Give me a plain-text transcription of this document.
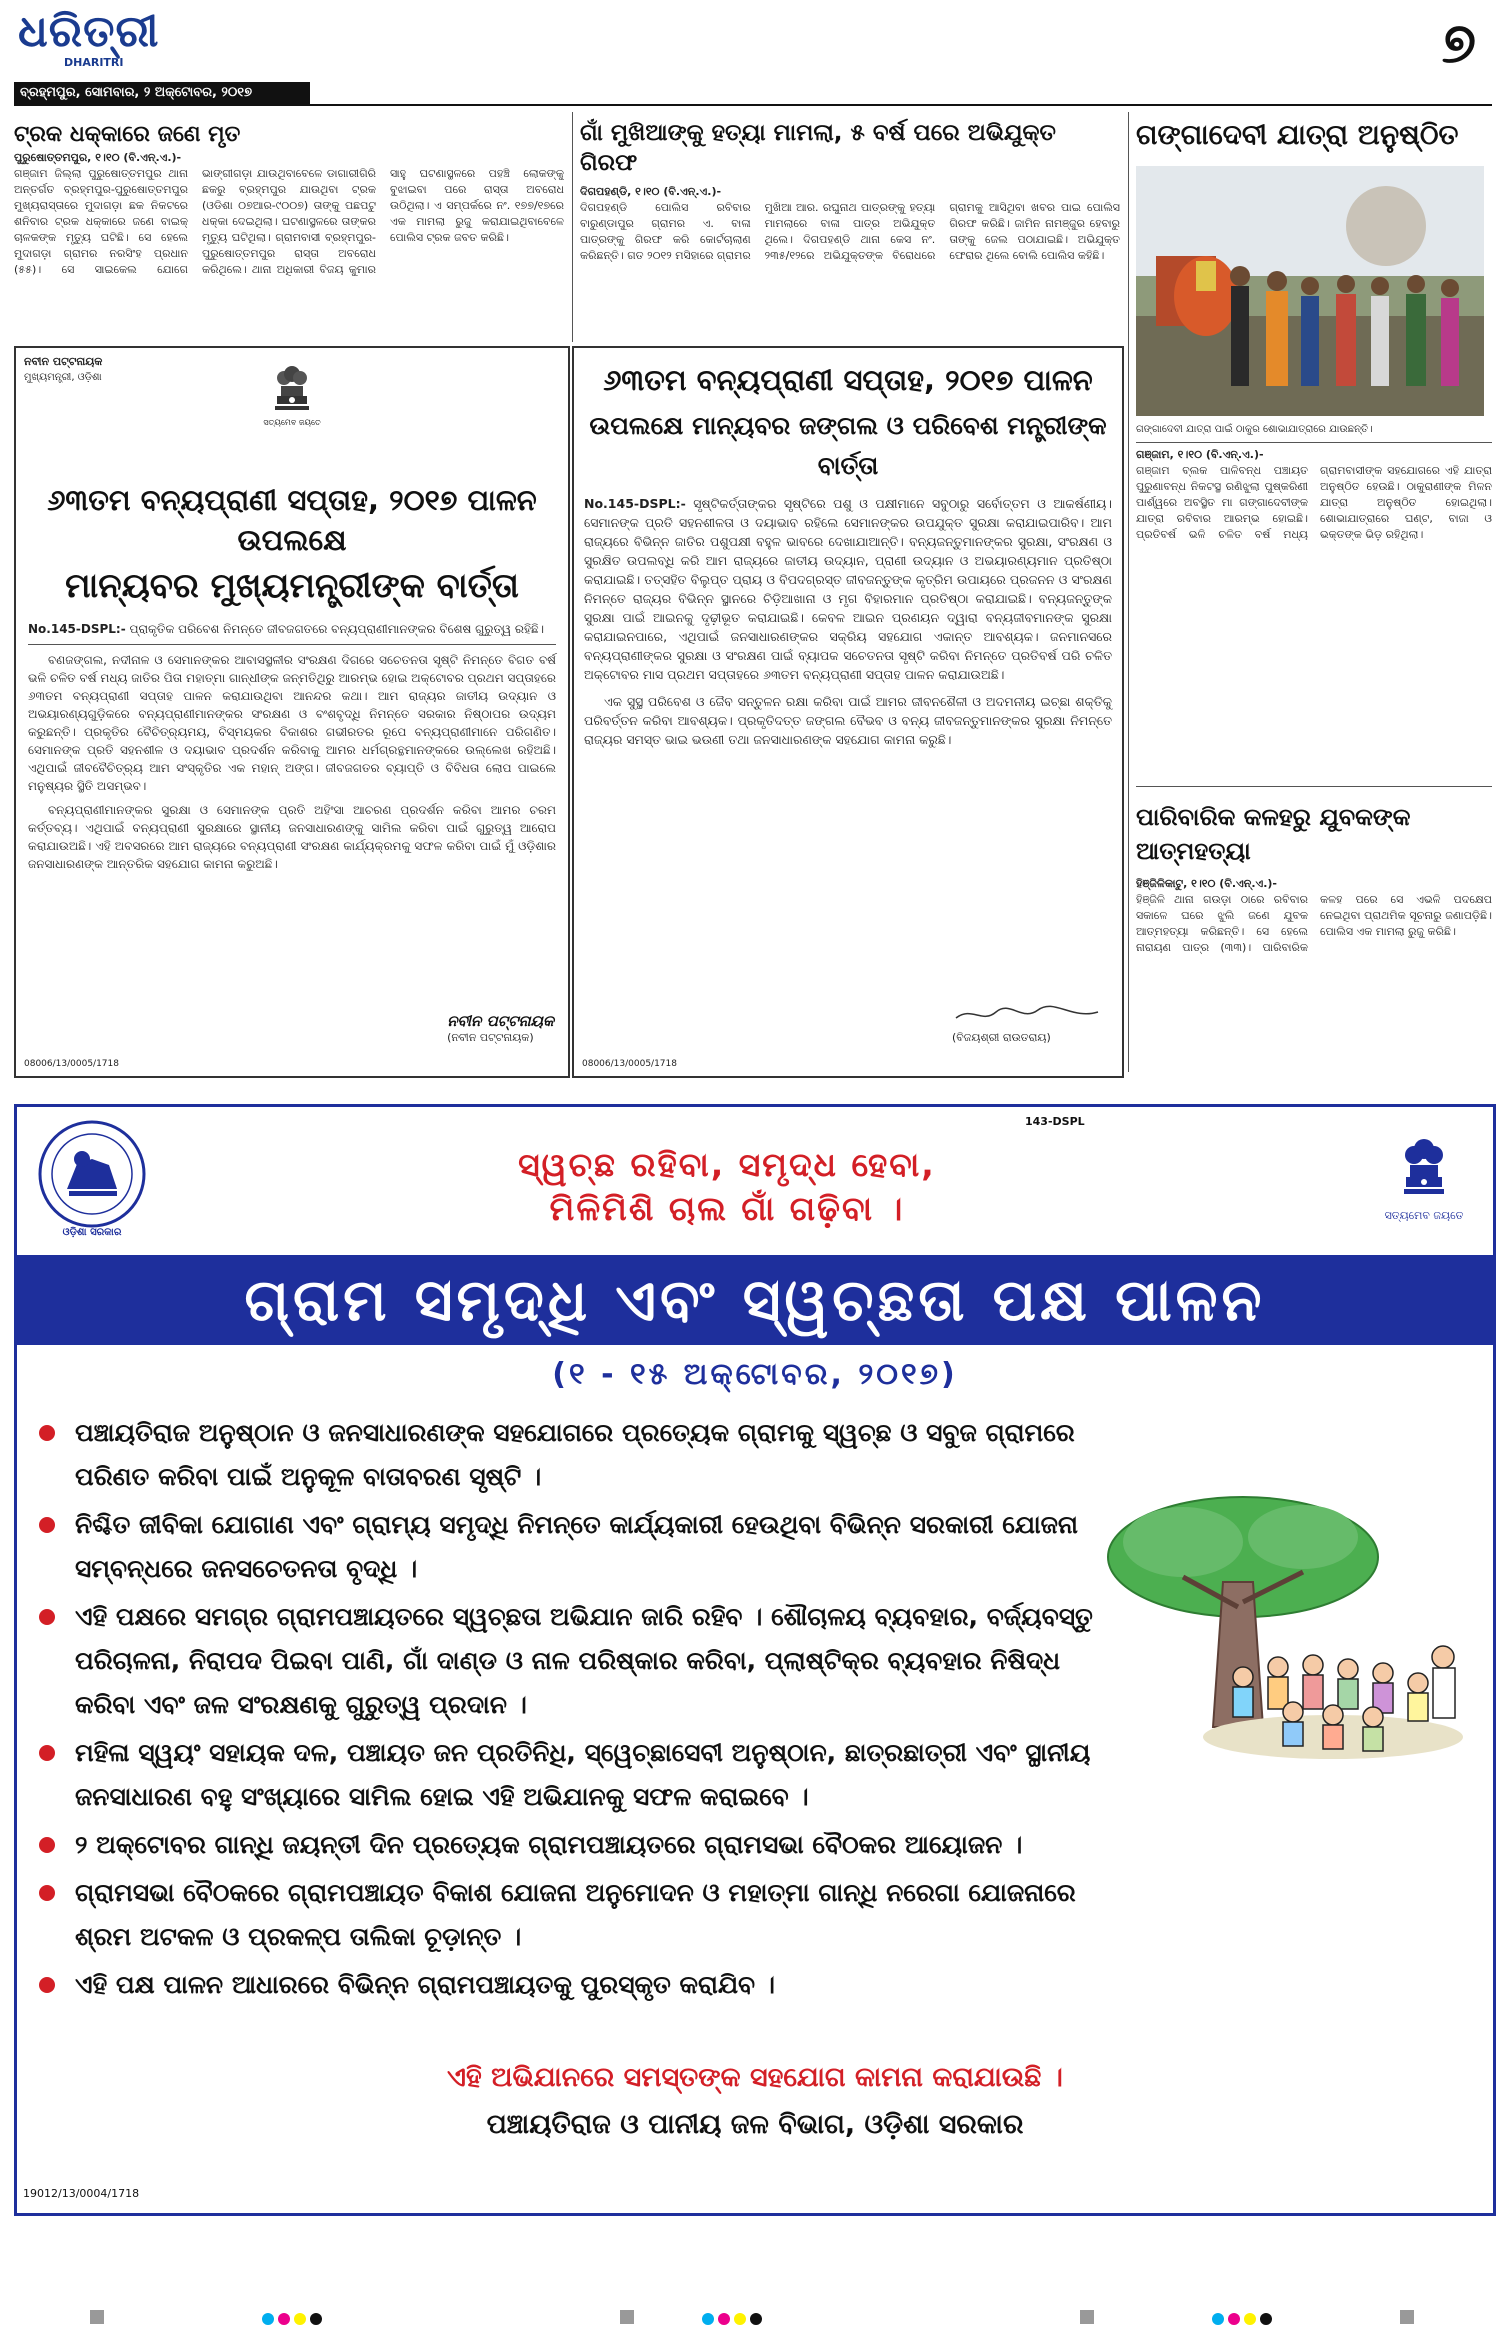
ଧରିତ୍ରୀ
DHARITRI
ବ୍ରହ୍ମପୁର, ସୋମବାର, ୨ ଅକ୍ଟୋବର, ୨୦୧୭
୭
ଟ୍ରକ ଧକ୍କାରେ ଜଣେ ମୃତ
ପୁରୁଷୋତ୍ତମପୁର, ୧।୧୦ (ବି.ଏନ୍.ଏ.)-
ଗଞ୍ଜାମ ଜିଲ୍ଲା ପୁରୁଷୋତ୍ତମପୁର ଥାନା ଅନ୍ତର୍ଗତ ବ୍ରହ୍ମପୁର-ପୁରୁଷୋତ୍ତମପୁର ମୁଖ୍ୟରାସ୍ତାରେ ମୁଦାଗଡ଼ା ଛକ ନିକଟରେ ଶନିବାର ଟ୍ରକ ଧକ୍କାରେ ଜଣେ ବାଇକ୍ ଚାଳକଙ୍କ ମୃତ୍ୟୁ ଘଟିଛି। ସେ ହେଲେ ମୁଦାଗଡ଼ା ଗ୍ରାମର ନରସିଂହ ପ୍ରଧାନ (୫୫)। ସେ ସାଇକେଲ ଯୋଗେ ଭାଙ୍ଗୀଗଡ଼ା ଯାଉଥିବାବେଳେ ଡାଗାରୀଗିରି ଛକରୁ ବ୍ରହ୍ମପୁର ଯାଉଥିବା ଟ୍ରକ (ଓଡିଶା ୦୭ଆର-୯୦୦୭) ତାଙ୍କୁ ପଛପଟୁ ଧକ୍କା ଦେଇଥିଲା। ଘଟଣାସ୍ଥଳରେ ତାଙ୍କର ମୃତ୍ୟୁ ଘଟିଥିଲା। ଗ୍ରାମବାସୀ ବ୍ରହ୍ମପୁର-ପୁରୁଷୋତ୍ତମପୁର ରାସ୍ତା ଅବରୋଧ କରିଥିଲେ। ଥାନା ଅଧିକାରୀ ବିଜୟ କୁମାର ସାହୁ ଘଟଣାସ୍ଥଳରେ ପହଞ୍ଚି ଲୋକଙ୍କୁ ବୁଝାଇବା ପରେ ରାସ୍ତା ଅବରୋଧ ଉଠିଥିଲା। ଏ ସମ୍ପର୍କରେ ନଂ. ୧୭୭/୧୭ରେ ଏକ ମାମଲା ରୁଜୁ କରାଯାଇଥିବାବେଳେ ପୋଲିସ ଟ୍ରକ ଜବତ କରିଛି।
ଗାଁ ମୁଖିଆଙ୍କୁ ହତ୍ୟା ମାମଲା, ୫ ବର୍ଷ ପରେ ଅଭିଯୁକ୍ତ ଗିରଫ
ଦିଗପହଣ୍ଡି, ୧।୧୦ (ବି.ଏନ୍.ଏ.)-
ଦିଗପହଣ୍ଡି ପୋଲିସ ରବିବାର ବାରୁଣ୍ଡାପୁର ଗ୍ରାମର ଏ. ବାଳା ପାତ୍ରଙ୍କୁ ଗିରଫ କରି କୋର୍ଟଚାଲାଣ କରିଛନ୍ତି। ଗତ ୨୦୧୨ ମସିହାରେ ଗ୍ରାମର ମୁଖିଆ ଆର. ରଘୁନାଥ ପାତ୍ରଙ୍କୁ ହତ୍ୟା ମାମଲାରେ ବାଳା ପାତ୍ର ଅଭିଯୁକ୍ତ ଥିଲେ। ଦିଗପହଣ୍ଡି ଥାନା କେସ ନଂ. ୨୩୫/୧୨ରେ ଅଭିଯୁକ୍ତଙ୍କ ବିରୋଧରେ ଗ୍ରାମକୁ ଆସିଥିବା ଖବର ପାଇ ପୋଲିସ ଗିରଫ କରିଛି। ଜାମିନ ନାମଞ୍ଜୁର ହେବାରୁ ତାଙ୍କୁ ଜେଲ ପଠାଯାଇଛି। ଅଭିଯୁକ୍ତ ଫେରାର ଥିଲେ ବୋଲି ପୋଲିସ କହିଛି।
ଗଙ୍ଗାଦେବୀ ଯାତ୍ରା ଅନୁଷ୍ଠିତ
ଗଙ୍ଗାଦେବୀ ଯାତ୍ରା ପାଇଁ ଠାକୁର ଶୋଭାଯାତ୍ରାରେ ଯାଉଛନ୍ତି।
ଗଞ୍ଜାମ, ୧।୧୦ (ବି.ଏନ୍.ଏ.)-
ଗଞ୍ଜାମ ବ୍ଲକ ପାଳିବନ୍ଧ ପଞ୍ଚାୟତ ପୁରୁଣାବନ୍ଧ ନିକଟସ୍ଥ ରଣିଝୁଲା ପୁଷ୍କରିଣୀ ପାର୍ଶ୍ୱରେ ଅବସ୍ଥିତ ମା ଗଙ୍ଗାଦେବୀଙ୍କ ଯାତ୍ରା ରବିବାର ଆରମ୍ଭ ହୋଇଛି। ପ୍ରତିବର୍ଷ ଭଳି ଚଳିତ ବର୍ଷ ମଧ୍ୟ ଗ୍ରାମବାସୀଙ୍କ ସହଯୋଗରେ ଏହି ଯାତ୍ରା ଅନୁଷ୍ଠିତ ହେଉଛି। ଠାକୁରାଣୀଙ୍କ ମିଳନ ଯାତ୍ରା ଅନୁଷ୍ଠିତ ହୋଇଥିଲା। ଶୋଭାଯାତ୍ରାରେ ଘଣ୍ଟ, ବାଜା ଓ ଭକ୍ତଙ୍କ ଭିଡ଼ ରହିଥିଲା।
ପାରିବାରିକ କଳହରୁ ଯୁବକଙ୍କ ଆତ୍ମହତ୍ୟା
ହିଞ୍ଜିଳିକାଟୁ, ୧।୧୦ (ବି.ଏନ୍.ଏ.)-
ହିଞ୍ଜିଳି ଥାନା ଗଉଡ଼ା ଠାରେ ରବିବାର ସକାଳେ ଘରେ ଝୁଲି ଜଣେ ଯୁବକ ଆତ୍ମହତ୍ୟା କରିଛନ୍ତି। ସେ ହେଲେ ନାରାୟଣ ପାତ୍ର (୩୩)। ପାରିବାରିକ କଳହ ପରେ ସେ ଏଭଳି ପଦକ୍ଷେପ ନେଇଥିବା ପ୍ରାଥମିକ ସୂଚନାରୁ ଜଣାପଡ଼ିଛି। ପୋଲିସ ଏକ ମାମଲା ରୁଜୁ କରିଛି।
ନବୀନ ପଟ୍ଟନାୟକ
ମୁଖ୍ୟମନ୍ତ୍ରୀ, ଓଡ଼ିଶା
ସତ୍ୟମେବ ଜୟତେ
୬୩ତମ ବନ୍ୟପ୍ରାଣୀ ସପ୍ତାହ, ୨୦୧୭ ପାଳନ ଉପଲକ୍ଷେ
ମାନ୍ୟବର ମୁଖ୍ୟମନ୍ତ୍ରୀଙ୍କ ବାର୍ତ୍ତା
No.145-DSPL:- ପ୍ରାକୃତିକ ପରିବେଶ ନିମନ୍ତେ ଜୀବଜଗତରେ ବନ୍ୟପ୍ରାଣୀମାନଙ୍କର ବିଶେଷ ଗୁରୁତ୍ୱ ରହିଛି।
ବଣଜଙ୍ଗଲ, ନଦୀନାଳ ଓ ସେମାନଙ୍କର ଆବାସସ୍ଥଳୀର ସଂରକ୍ଷଣ ଦିଗରେ ସଚେତନତା ସୃଷ୍ଟି ନିମନ୍ତେ ବିଗତ ବର୍ଷ ଭଳି ଚଳିତ ବର୍ଷ ମଧ୍ୟ ଜାତିର ପିତା ମହାତ୍ମା ଗାନ୍ଧୀଙ୍କ ଜନ୍ମତିଥିରୁ ଆରମ୍ଭ ହୋଇ ଅକ୍ଟୋବର ପ୍ରଥମ ସପ୍ତାହରେ ୬୩ତମ ବନ୍ୟପ୍ରାଣୀ ସପ୍ତାହ ପାଳନ କରାଯାଉଥିବା ଆନନ୍ଦର କଥା। ଆମ ରାଜ୍ୟର ଜାତୀୟ ଉଦ୍ୟାନ ଓ ଅଭୟାରଣ୍ୟଗୁଡ଼ିକରେ ବନ୍ୟପ୍ରାଣୀମାନଙ୍କର ସଂରକ୍ଷଣ ଓ ବଂଶବୃଦ୍ଧି ନିମନ୍ତେ ସରକାର ନିଷ୍ଠାପର ଉଦ୍ୟମ କରୁଛନ୍ତି। ପ୍ରକୃତିର ବୈଚିତ୍ର୍ୟମୟ, ବିସ୍ମୟକର ବିକାଶର ଗଭୀରତର ରୂପେ ବନ୍ୟପ୍ରାଣୀମାନେ ପରିଗଣିତ। ସେମାନଙ୍କ ପ୍ରତି ସହନଶୀଳ ଓ ଦୟାଭାବ ପ୍ରଦର୍ଶନ କରିବାକୁ ଆମର ଧର୍ମଗ୍ରନ୍ଥମାନଙ୍କରେ ଉଲ୍ଲେଖ ରହିଅଛି। ଏଥିପାଇଁ ଜୀବବୈଚିତ୍ର୍ୟ ଆମ ସଂସ୍କୃତିର ଏକ ମହାନ୍ ଅଙ୍ଗ। ଜୀବଜଗତର ବ୍ୟାପ୍ତି ଓ ବିବିଧତା ଲୋପ ପାଇଲେ ମନୁଷ୍ୟର ସ୍ଥିତି ଅସମ୍ଭବ।
ବନ୍ୟପ୍ରାଣୀମାନଙ୍କର ସୁରକ୍ଷା ଓ ସେମାନଙ୍କ ପ୍ରତି ଅହିଂସା ଆଚରଣ ପ୍ରଦର୍ଶନ କରିବା ଆମର ଚରମ କର୍ତ୍ତବ୍ୟ। ଏଥିପାଇଁ ବନ୍ୟପ୍ରାଣୀ ସୁରକ୍ଷାରେ ସ୍ଥାନୀୟ ଜନସାଧାରଣଙ୍କୁ ସାମିଲ କରିବା ପାଇଁ ଗୁରୁତ୍ୱ ଆରୋପ କରାଯାଉଅଛି। ଏହି ଅବସରରେ ଆମ ରାଜ୍ୟରେ ବନ୍ୟପ୍ରାଣୀ ସଂରକ୍ଷଣ କାର୍ଯ୍ୟକ୍ରମକୁ ସଫଳ କରିବା ପାଇଁ ମୁଁ ଓଡ଼ିଶାର ଜନସାଧାରଣଙ୍କ ଆନ୍ତରିକ ସହଯୋଗ କାମନା କରୁଅଛି।
ନବୀନ ପଟ୍ଟନାୟକ
(ନବୀନ ପଟ୍ଟନାୟକ)
08006/13/0005/1718
୬୩ତମ ବନ୍ୟପ୍ରାଣୀ ସପ୍ତାହ, ୨୦୧୭ ପାଳନ
ଉପଲକ୍ଷେ ମାନ୍ୟବର ଜଙ୍ଗଲ ଓ ପରିବେଶ ମନ୍ତ୍ରୀଙ୍କ ବାର୍ତ୍ତା
No.145-DSPL:- ସୃଷ୍ଟିକର୍ତ୍ତାଙ୍କର ସୃଷ୍ଟିରେ ପଶୁ ଓ ପକ୍ଷୀମାନେ ସବୁଠାରୁ ସର୍ବୋତ୍ତମ ଓ ଆକର୍ଷଣୀୟ। ସେମାନଙ୍କ ପ୍ରତି ସହନଶୀଳତା ଓ ଦୟାଭାବ ରହିଲେ ସେମାନଙ୍କର ଉପଯୁକ୍ତ ସୁରକ୍ଷା କରାଯାଇପାରିବ। ଆମ ରାଜ୍ୟରେ ବିଭିନ୍ନ ଜାତିର ପଶୁପକ୍ଷୀ ବହୁଳ ଭାବରେ ଦେଖାଯାଆନ୍ତି। ବନ୍ୟଜନ୍ତୁମାନଙ୍କର ସୁରକ୍ଷା, ସଂରକ୍ଷଣ ଓ ସୁରକ୍ଷିତ ଉପଲବ୍ଧି କରି ଆମ ରାଜ୍ୟରେ ଜାତୀୟ ଉଦ୍ୟାନ, ପ୍ରାଣୀ ଉଦ୍ୟାନ ଓ ଅଭୟାରଣ୍ୟମାନ ପ୍ରତିଷ୍ଠା କରାଯାଇଛି। ତତ୍ସହିତ ବିଲୁପ୍ତ ପ୍ରାୟ ଓ ବିପଦଗ୍ରସ୍ତ ଜୀବଜନ୍ତୁଙ୍କ କୃତ୍ରିମ ଉପାୟରେ ପ୍ରଜନନ ଓ ସଂରକ୍ଷଣ ନିମନ୍ତେ ରାଜ୍ୟର ବିଭିନ୍ନ ସ୍ଥାନରେ ଚିଡ଼ିଆଖାନା ଓ ମୃଗ ବିହାରମାନ ପ୍ରତିଷ୍ଠା କରାଯାଇଛି। ବନ୍ୟଜନ୍ତୁଙ୍କ ସୁରକ୍ଷା ପାଇଁ ଆଇନକୁ ଦୃଢ଼ୀଭୂତ କରାଯାଇଛି। କେବଳ ଆଇନ ପ୍ରଣୟନ ଦ୍ୱାରା ବନ୍ୟଜୀବମାନଙ୍କ ସୁରକ୍ଷା କରାଯାଇନପାରେ, ଏଥିପାଇଁ ଜନସାଧାରଣଙ୍କର ସକ୍ରିୟ ସହଯୋଗ ଏକାନ୍ତ ଆବଶ୍ୟକ। ଜନମାନସରେ ବନ୍ୟପ୍ରାଣୀଙ୍କର ସୁରକ୍ଷା ଓ ସଂରକ୍ଷଣ ପାଇଁ ବ୍ୟାପକ ସଚେତନତା ସୃଷ୍ଟି କରିବା ନିମନ୍ତେ ପ୍ରତିବର୍ଷ ପରି ଚଳିତ ଅକ୍ଟୋବର ମାସ ପ୍ରଥମ ସପ୍ତାହରେ ୬୩ତମ ବନ୍ୟପ୍ରାଣୀ ସପ୍ତାହ ପାଳନ କରାଯାଉଅଛି।
ଏକ ସୁସ୍ଥ ପରିବେଶ ଓ ଜୈବ ସନ୍ତୁଳନ ରକ୍ଷା କରିବା ପାଇଁ ଆମର ଜୀବନଶୈଳୀ ଓ ଅଦମନୀୟ ଇଚ୍ଛା ଶକ୍ତିକୁ ପରିବର୍ତ୍ତନ କରିବା ଆବଶ୍ୟକ। ପ୍ରକୃତିଦତ୍ତ ଜଙ୍ଗଲ ବୈଭବ ଓ ବନ୍ୟ ଜୀବଜନ୍ତୁମାନଙ୍କର ସୁରକ୍ଷା ନିମନ୍ତେ ରାଜ୍ୟର ସମସ୍ତ ଭାଇ ଭଉଣୀ ତଥା ଜନସାଧାରଣଙ୍କ ସହଯୋଗ କାମନା କରୁଛି।
(ବିଜୟଶ୍ରୀ ରାଉତରାୟ)
08006/13/0005/1718
ଓଡ଼ିଶା ସରକାର
143-DSPL
ସ୍ୱଚ୍ଛ ରହିବା, ସମୃଦ୍ଧ ହେବା,
ମିଳିମିଶି ଚାଲ ଗାଁ ଗଢ଼ିବା ।	ସତ୍ୟମେବ ଜୟତେ
ଗ୍ରାମ ସମୃଦ୍ଧି ଏବଂ ସ୍ୱଚ୍ଛତା ପକ୍ଷ ପାଳନ
(୧ - ୧୫ ଅକ୍ଟୋବର, ୨୦୧୭)
ପଞ୍ଚାୟତିରାଜ ଅନୁଷ୍ଠାନ ଓ ଜନସାଧାରଣଙ୍କ ସହଯୋଗରେ ପ୍ରତ୍ୟେକ ଗ୍ରାମକୁ ସ୍ୱଚ୍ଛ ଓ ସବୁଜ ଗ୍ରାମରେ ପରିଣତ କରିବା ପାଇଁ ଅନୁକୂଳ ବାତାବରଣ ସୃଷ୍ଟି ।
ନିଶ୍ଚିତ ଜୀବିକା ଯୋଗାଣ ଏବଂ ଗ୍ରାମ୍ୟ ସମୃଦ୍ଧି ନିମନ୍ତେ କାର୍ଯ୍ୟକାରୀ ହେଉଥିବା ବିଭିନ୍ନ ସରକାରୀ ଯୋଜନା ସମ୍ବନ୍ଧରେ ଜନସଚେତନତା ବୃଦ୍ଧି ।
ଏହି ପକ୍ଷରେ ସମଗ୍ର ଗ୍ରାମପଞ୍ଚାୟତରେ ସ୍ୱଚ୍ଛତା ଅଭିଯାନ ଜାରି ରହିବ । ଶୌଚାଳୟ ବ୍ୟବହାର, ବର୍ଜ୍ୟବସ୍ତୁ ପରିଚାଳନା, ନିରାପଦ ପିଇବା ପାଣି, ଗାଁ ଦାଣ୍ଡ ଓ ନାଳ ପରିଷ୍କାର କରିବା, ପ୍ଲାଷ୍ଟିକ୍‌ର ବ୍ୟବହାର ନିଷିଦ୍ଧ କରିବା ଏବଂ ଜଳ ସଂରକ୍ଷଣକୁ ଗୁରୁତ୍ୱ ପ୍ରଦାନ ।
ମହିଳା ସ୍ୱୟଂ ସହାୟକ ଦଳ, ପଞ୍ଚାୟତ ଜନ ପ୍ରତିନିଧି, ସ୍ୱେଚ୍ଛାସେବୀ ଅନୁଷ୍ଠାନ, ଛାତ୍ରଛାତ୍ରୀ ଏବଂ ସ୍ଥାନୀୟ ଜନସାଧାରଣ ବହୁ ସଂଖ୍ୟାରେ ସାମିଲ ହୋଇ ଏହି ଅଭିଯାନକୁ ସଫଳ କରାଇବେ ।
୨ ଅକ୍ଟୋବର ଗାନ୍ଧି ଜୟନ୍ତୀ ଦିନ ପ୍ରତ୍ୟେକ ଗ୍ରାମପଞ୍ଚାୟତରେ ଗ୍ରାମସଭା ବୈଠକର ଆୟୋଜନ ।
ଗ୍ରାମସଭା ବୈଠକରେ ଗ୍ରାମପଞ୍ଚାୟତ ବିକାଶ ଯୋଜନା ଅନୁମୋଦନ ଓ ମହାତ୍ମା ଗାନ୍ଧି ନରେଗା ଯୋଜନାରେ ଶ୍ରମ ଅଟକଳ ଓ ପ୍ରକଳ୍ପ ତାଲିକା ଚୂଡ଼ାନ୍ତ ।
ଏହି ପକ୍ଷ ପାଳନ ଆଧାରରେ ବିଭିନ୍ନ ଗ୍ରାମପଞ୍ଚାୟତକୁ ପୁରସ୍କୃତ କରାଯିବ ।
ଏହି ଅଭିଯାନରେ ସମସ୍ତଙ୍କ ସହଯୋଗ କାମନା କରାଯାଉଛି ।
ପଞ୍ଚାୟତିରାଜ ଓ ପାନୀୟ ଜଳ ବିଭାଗ, ଓଡ଼ିଶା ସରକାର
19012/13/0004/1718
